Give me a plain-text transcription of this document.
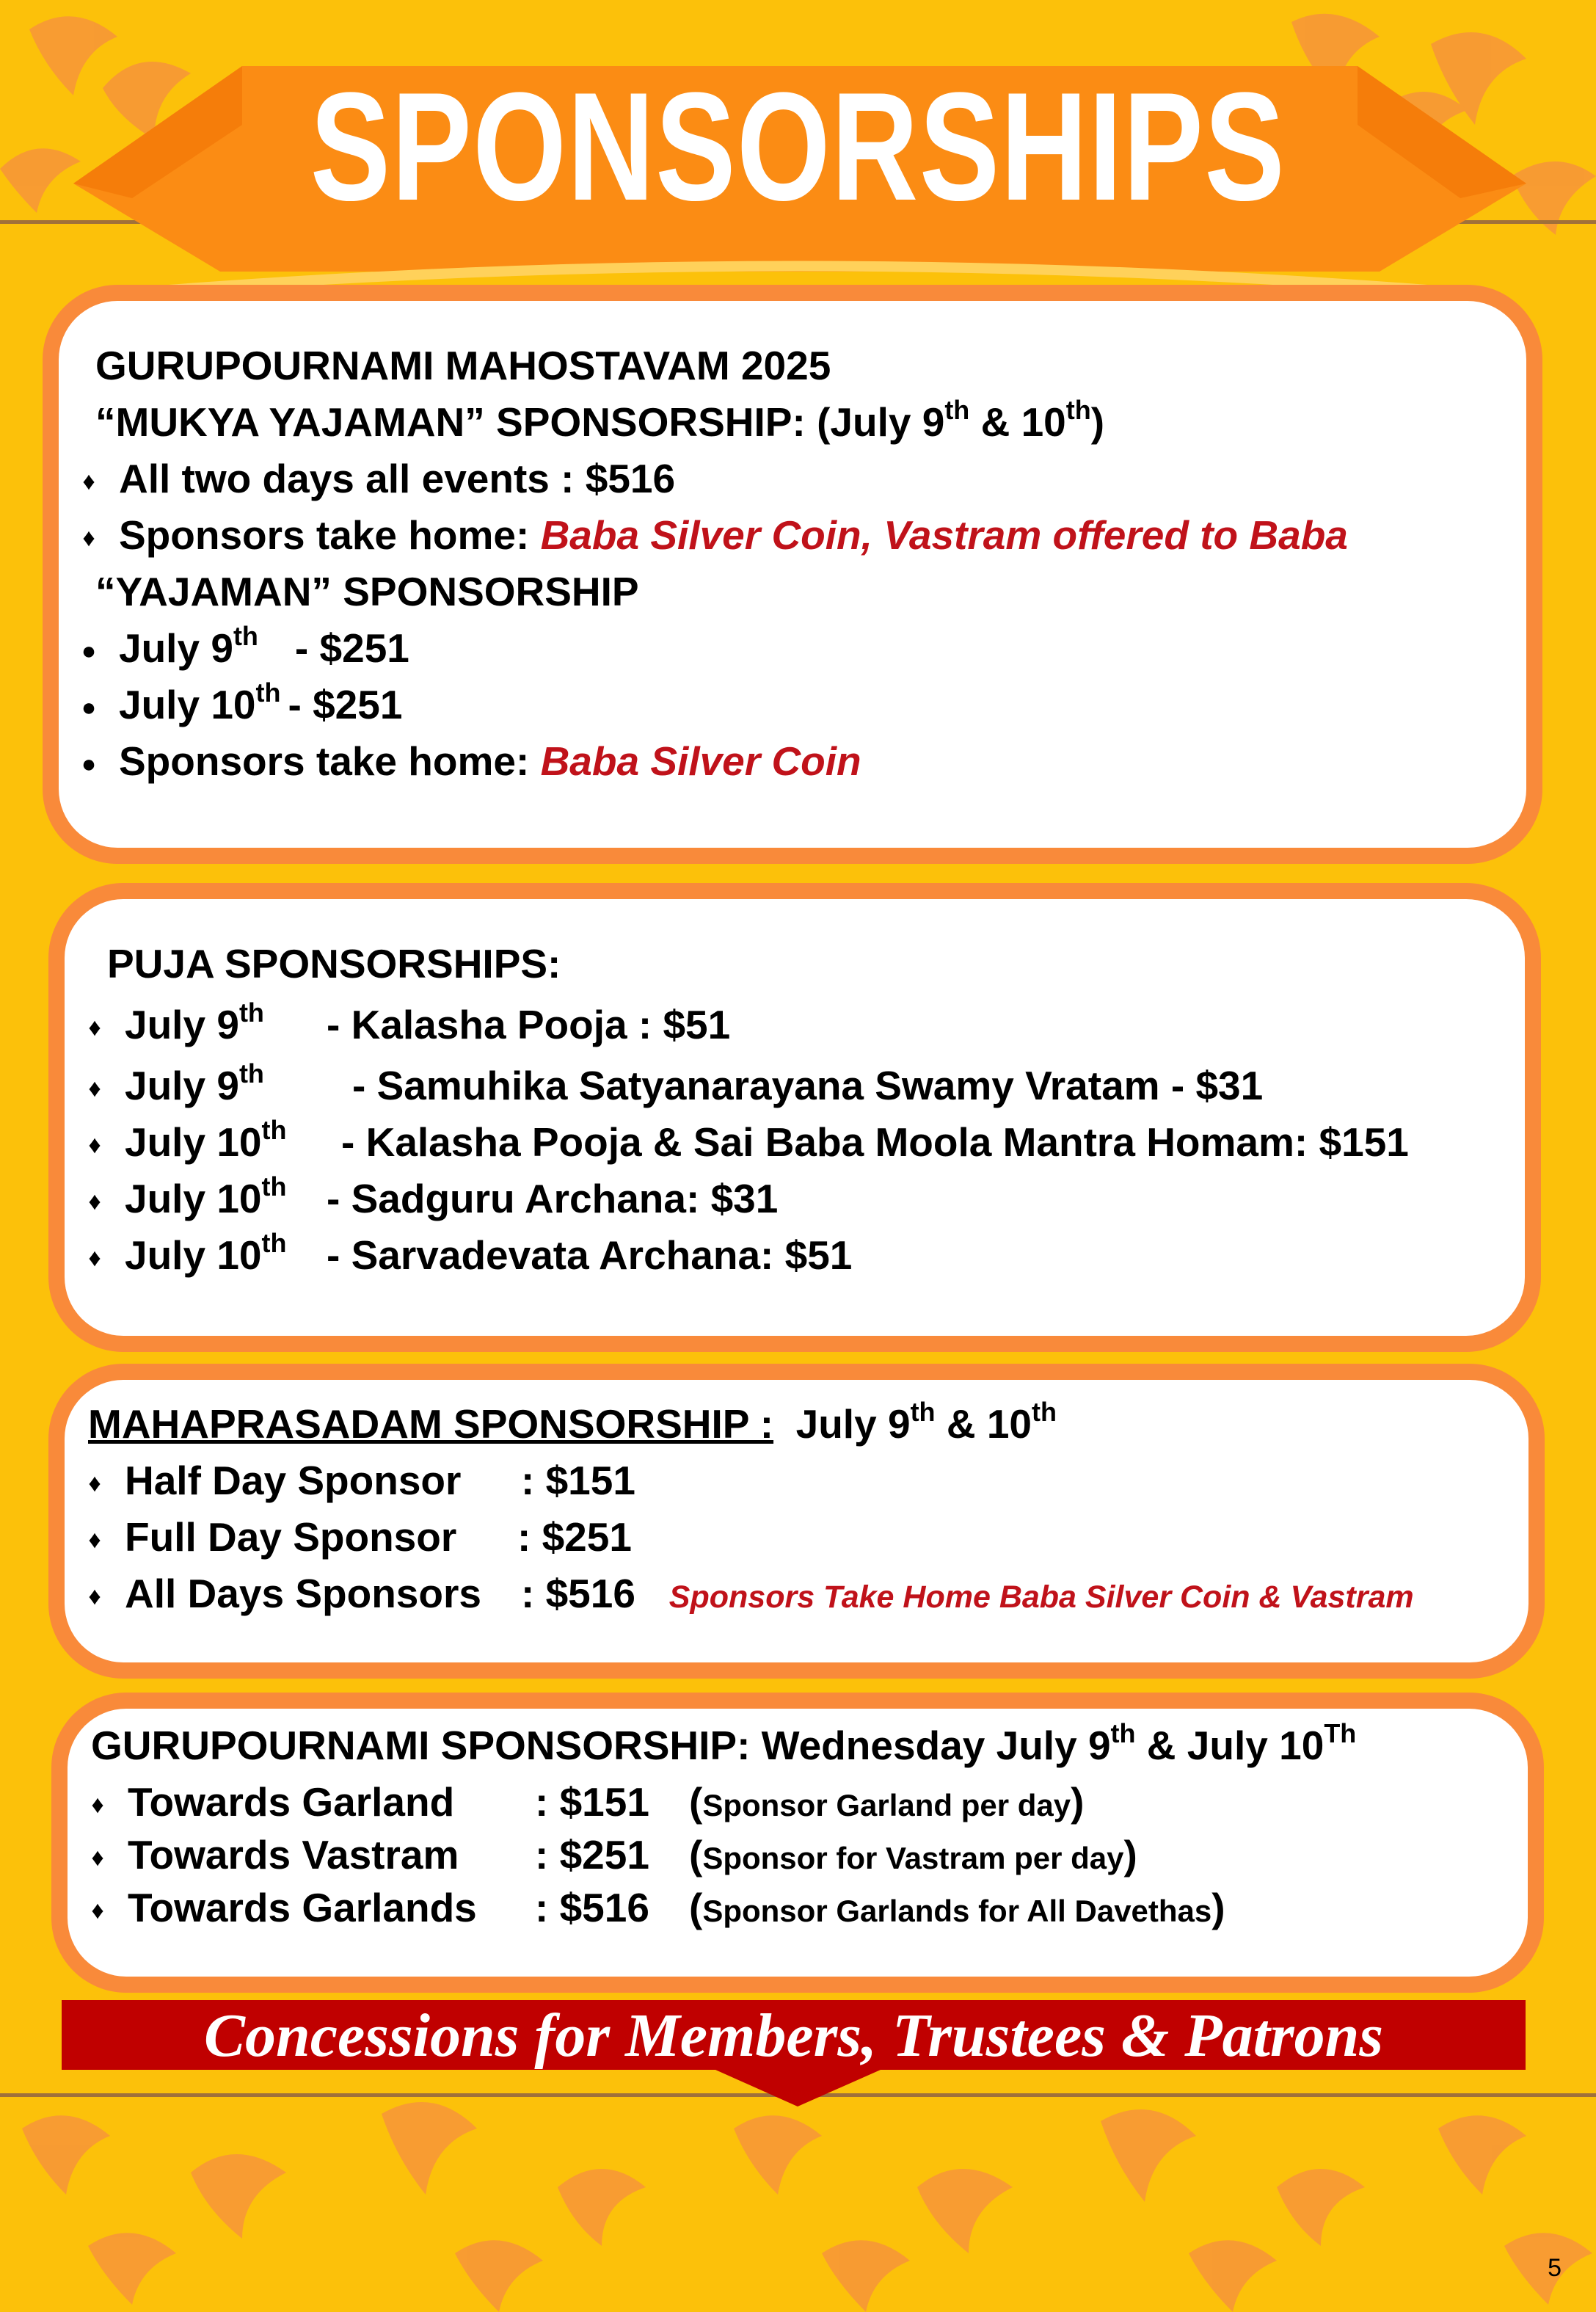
SPONSORSHIPS
GURUPOURNAMI MAHOSTAVAM 2025
“MUKYA YAJAMAN” SPONSORSHIP: (July 9th & 10th)
♦ All two days all events : $516
♦ Sponsors take home: Baba Silver Coin, Vastram offered to Baba
“YAJAMAN” SPONSORSHIP
● July 9th - $251
● July 10th - $251
● Sponsors take home: Baba Silver Coin
PUJA SPONSORSHIPS:
♦ July 9th - Kalasha Pooja : $51
♦ July 9th - Samuhika Satyanarayana Swamy Vratam - $31
♦ July 10th - Kalasha Pooja & Sai Baba Moola Mantra Homam: $151
♦ July 10th - Sadguru Archana: $31
♦ July 10th - Sarvadevata Archana: $51
MAHAPRASADAM SPONSORSHIP : July 9th & 10th
♦ Half Day Sponsor : $151
♦ Full Day Sponsor : $251
♦ All Days Sponsors : $516 Sponsors Take Home Baba Silver Coin & Vastram
GURUPOURNAMI SPONSORSHIP: Wednesday July 9th & July 10Th
♦ Towards Garland : $151 (Sponsor Garland per day)
♦ Towards Vastram : $251 (Sponsor for Vastram per day)
♦ Towards Garlands : $516 (Sponsor Garlands for All Davethas)
Concessions for Members, Trustees & Patrons
5
